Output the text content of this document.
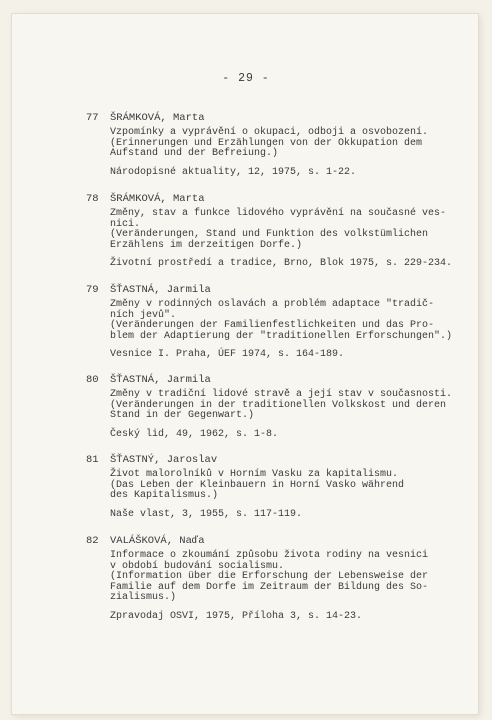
- 29 -
77 ŠRÁMKOVÁ, Marta
Vzpomínky a vyprávění o okupaci, odboji a osvobození.
(Erinnerungen und Erzählungen von der Okkupation dem
Aufstand und der Befreiung.)
Národopisné aktuality, 12, 1975, s. 1-22.
78 ŠRÁMKOVÁ, Marta
Změny, stav a funkce lidového vyprávění na současné ves-
nici.
(Veränderungen, Stand und Funktion des volkstümlichen
Erzählens im derzeitigen Dorfe.)
Životní prostředí a tradice, Brno, Blok 1975, s. 229-234.
79 ŠŤASTNÁ, Jarmila
Změny v rodinných oslavách a problém adaptace "tradič-
ních jevů".
(Veränderungen der Familienfestlichkeiten und das Pro-
blem der Adaptierung der "traditionellen Erforschungen".)
Vesnice I. Praha, ÚEF 1974, s. 164-189.
80 ŠŤASTNÁ, Jarmila
Změny v tradiční lidové stravě a její stav v současnosti.
(Veränderungen in der traditionellen Volkskost und deren
Stand in der Gegenwart.)
Český lid, 49, 1962, s. 1-8.
81 ŠŤASTNÝ, Jaroslav
Život malorolníků v Horním Vasku za kapitalismu.
(Das Leben der Kleinbauern in Horní Vasko während
des Kapitalismus.)
Naše vlast, 3, 1955, s. 117-119.
82 VALÁŠKOVÁ, Naďa
Informace o zkoumání způsobu života rodiny na vesnici
v období budování socialismu.
(Information über die Erforschung der Lebensweise der
Familie auf dem Dorfe im Zeitraum der Bildung des So-
zialismus.)
Zpravodaj OSVI, 1975, Příloha 3, s. 14-23.
